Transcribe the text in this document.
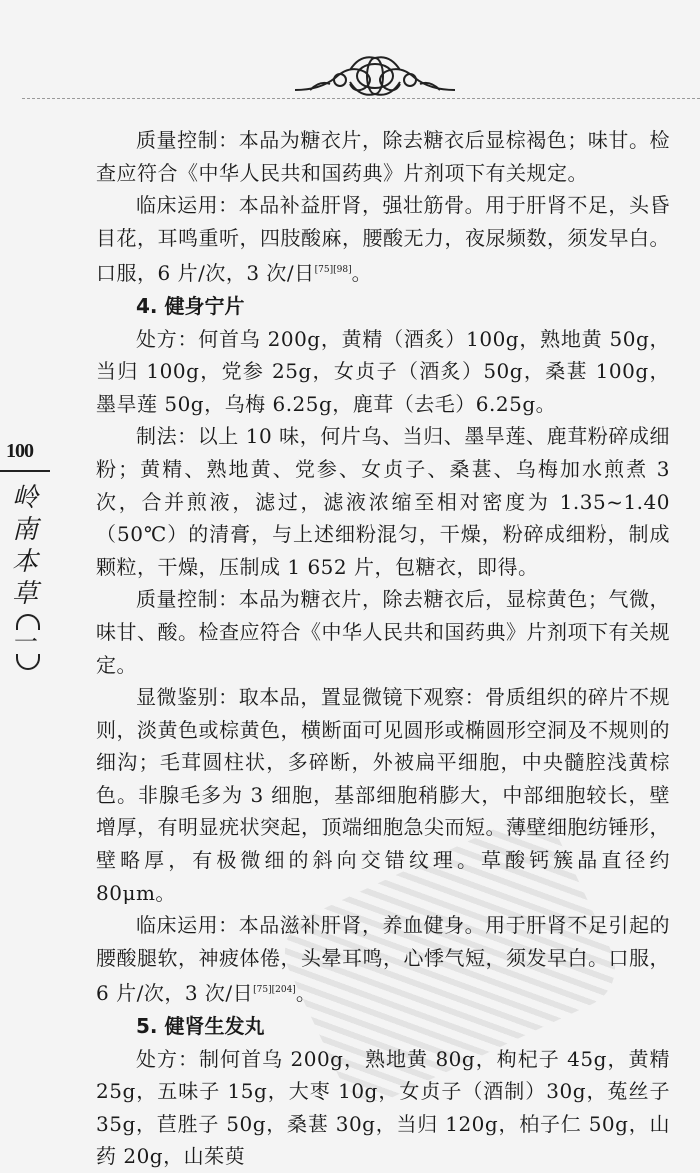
100
岭
南
本
草
一

质量控制：本品为糖衣片，除去糖衣后显棕褐色；味甘。检查应符合《中华人民共和国药典》片剂项下有关规定。

临床运用：本品补益肝肾，强壮筋骨。用于肝肾不足，头昏目花，耳鸣重听，四肢酸麻，腰酸无力，夜尿频数，须发早白。口服，6 片/次，3 次/日[75][98]。

4. 健身宁片

处方：何首乌 200g，黄精（酒炙）100g，熟地黄 50g，当归 100g，党参 25g，女贞子（酒炙）50g，桑葚 100g，墨旱莲 50g，乌梅 6.25g，鹿茸（去毛）6.25g。

制法：以上 10 味，何片乌、当归、墨旱莲、鹿茸粉碎成细粉；黄精、熟地黄、党参、女贞子、桑葚、乌梅加水煎煮 3 次，合并煎液，滤过，滤液浓缩至相对密度为 1.35~1.40（50℃）的清膏，与上述细粉混匀，干燥，粉碎成细粉，制成颗粒，干燥，压制成 1 652 片，包糖衣，即得。

质量控制：本品为糖衣片，除去糖衣后，显棕黄色；气微，味甘、酸。检查应符合《中华人民共和国药典》片剂项下有关规定。

显微鉴别：取本品，置显微镜下观察：骨质组织的碎片不规则，淡黄色或棕黄色，横断面可见圆形或椭圆形空洞及不规则的细沟；毛茸圆柱状，多碎断，外被扁平细胞，中央髓腔浅黄棕色。非腺毛多为 3 细胞，基部细胞稍膨大，中部细胞较长，壁增厚，有明显疣状突起，顶端细胞急尖而短。薄壁细胞纺锤形，壁略厚，有极微细的斜向交错纹理。草酸钙簇晶直径约 80μm。

临床运用：本品滋补肝肾，养血健身。用于肝肾不足引起的腰酸腿软，神疲体倦，头晕耳鸣，心悸气短，须发早白。口服，6 片/次，3 次/日[75][204]。

5. 健肾生发丸

处方：制何首乌 200g，熟地黄 80g，枸杞子 45g，黄精 25g，五味子 15g，大枣 10g，女贞子（酒制）30g，菟丝子 35g，苣胜子 50g，桑葚 30g，当归 120g，柏子仁 50g，山药 20g，山茱萸
